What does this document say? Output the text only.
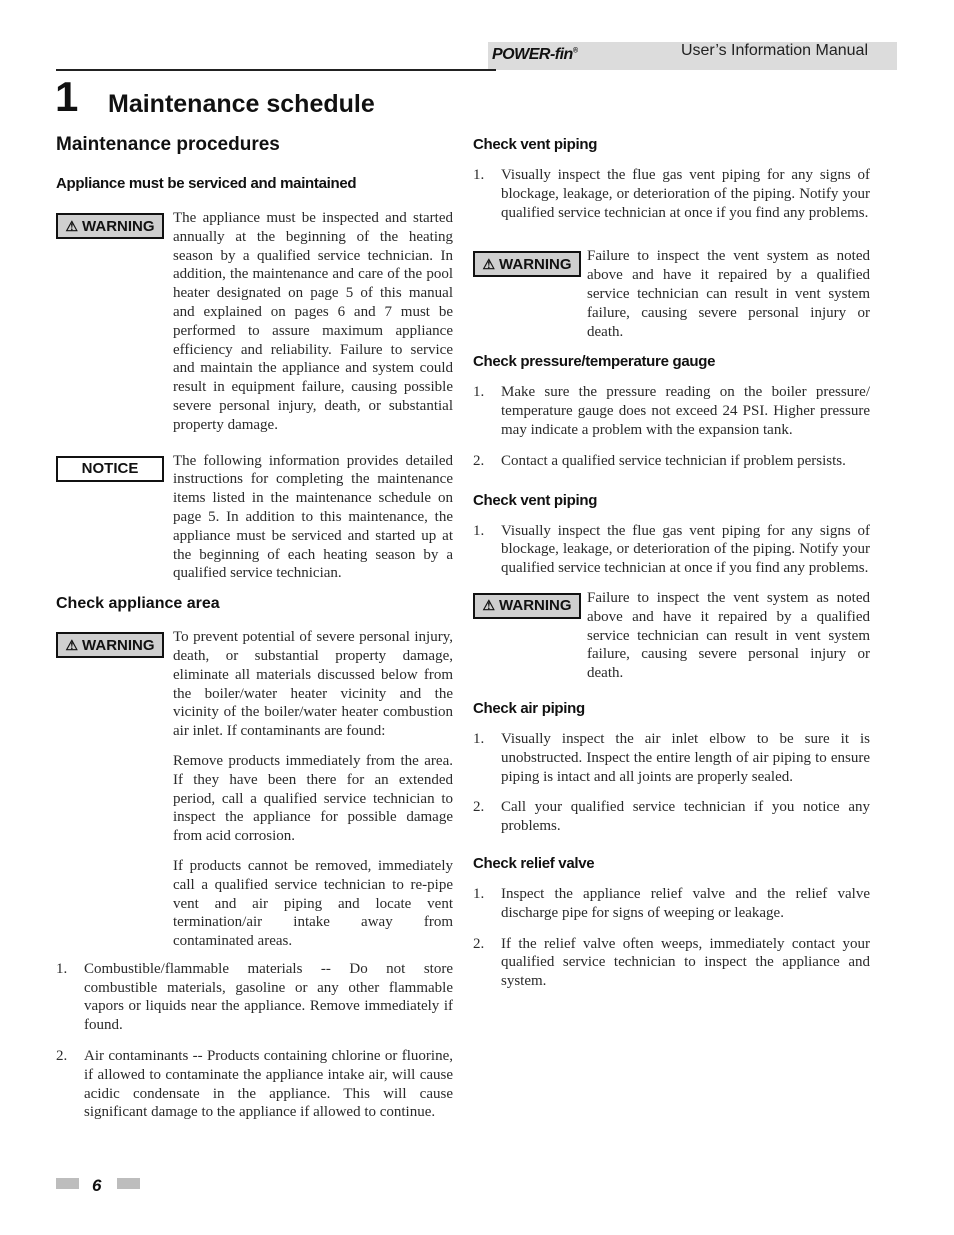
POWER-fin®	User’s Information Manual
1 Maintenance schedule
Maintenance procedures
Appliance must be serviced and maintained
⚠ WARNING The appliance must be inspected and started annually at the beginning of the heating season by a qualified service technician. In addition, the maintenance and care of the pool heater designated on page 5 of this manual and explained on pages 6 and 7 must be performed to assure maximum appliance efficiency and reliability. Failure to service and maintain the appliance and system could result in equipment failure, causing possible severe personal injury, death, or substantial property damage.

NOTICE	The following information provides detailed instructions for completing the maintenance items listed in the maintenance schedule on page 5. In addition to this maintenance, the appliance must be serviced and started up at the beginning of each heating season by a qualified service technician.

Check appliance area
⚠ WARNING To prevent potential of severe personal injury, death, or substantial property damage, eliminate all materials discussed below from the boiler/water heater vicinity and the vicinity of the boiler/water heater combustion air inlet. If contaminants are found:

Remove products immediately from the area. If they have been there for an extended period, call a qualified service technician to inspect the appliance for possible damage from acid corrosion.

If products cannot be removed, immediately call a qualified service technician to re-pipe vent and air piping and locate vent termination/air intake away from contaminated areas.

1.	Combustible/flammable materials -- Do not store combustible materials, gasoline or any other flammable vapors or liquids near the appliance. Remove immediately if found.
2.	Air contaminants -- Products containing chlorine or fluorine, if allowed to contaminate the appliance intake air, will cause acidic condensate in the appliance. This will cause significant damage to the appliance if allowed to continue.
Check vent piping
1.	Visually inspect the flue gas vent piping for any signs of blockage, leakage, or deterioration of the piping. Notify your qualified service technician at once if you find any problems.
⚠ WARNING Failure to inspect the vent system as noted above and have it repaired by a qualified service technician can result in vent system failure, causing severe personal injury or death.

Check pressure/temperature gauge
1.	Make sure the pressure reading on the boiler pressure/ temperature gauge does not exceed 24 PSI. Higher pressure may indicate a problem with the expansion tank.
2.	Contact a qualified service technician if problem persists.
Check vent piping
1.	Visually inspect the flue gas vent piping for any signs of blockage, leakage, or deterioration of the piping. Notify your qualified service technician at once if you find any problems.
⚠ WARNING Failure to inspect the vent system as noted above and have it repaired by a qualified service technician can result in vent system failure, causing severe personal injury or death.

Check air piping
1.	Visually inspect the air inlet elbow to be sure it is unobstructed. Inspect the entire length of air piping to ensure piping is intact and all joints are properly sealed.
2.	Call your qualified service technician if you notice any problems.
Check relief valve
1.	Inspect the appliance relief valve and the relief valve discharge pipe for signs of weeping or leakage.
2.	If the relief valve often weeps, immediately contact your qualified service technician to inspect the appliance and system.
6
